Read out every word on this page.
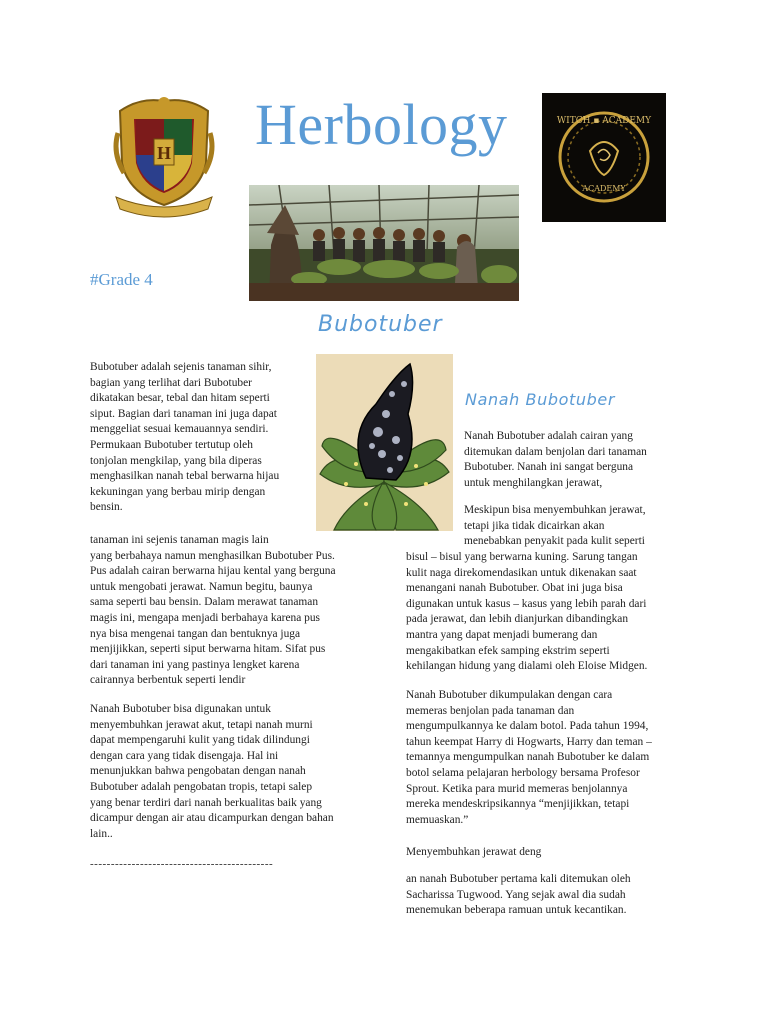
H Herbology	WITCH ▪ ACADEMY
ACADEMY
#Grade 4
Bubotuber
Nanah Bubotuber
Bubotuber adalah sejenis tanaman sihir,
bagian yang terlihat dari Bubotuber
dikatakan besar, tebal dan hitam seperti
siput. Bagian dari tanaman ini juga dapat
menggeliat sesuai kemauannya sendiri.
Permukaan Bubotuber tertutup oleh
tonjolan mengkilap, yang bila diperas
menghasilkan nanah tebal berwarna hijau
kekuningan yang berbau mirip dengan
bensin.
tanaman ini sejenis tanaman magis lain
yang berbahaya namun menghasilkan Bubotuber Pus.
Pus adalah cairan berwarna hijau kental yang berguna
untuk mengobati jerawat. Namun begitu, baunya
sama seperti bau bensin. Dalam merawat tanaman
magis ini, mengapa menjadi berbahaya karena pus
nya bisa mengenai tangan dan bentuknya juga
menjijikkan, seperti siput berwarna hitam. Sifat pus
dari tanaman ini yang pastinya lengket karena
cairannya berbentuk seperti lendir
Nanah Bubotuber bisa digunakan untuk
menyembuhkan jerawat akut, tetapi nanah murni
dapat mempengaruhi kulit yang tidak dilindungi
dengan cara yang tidak disengaja. Hal ini
menunjukkan bahwa pengobatan dengan nanah
Bubotuber adalah pengobatan tropis, tetapi salep
yang benar terdiri dari nanah berkualitas baik yang
dicampur dengan air atau dicampurkan dengan bahan
lain..
--------------------------------------------
Nanah Bubotuber adalah cairan yang
ditemukan dalam benjolan dari tanaman
Bubotuber. Nanah ini sangat berguna
untuk menghilangkan jerawat,
Meskipun bisa menyembuhkan jerawat,
tetapi jika tidak dicairkan akan
menebabkan penyakit pada kulit seperti
bisul – bisul yang berwarna kuning. Sarung tangan
kulit naga direkomendasikan untuk dikenakan saat
menangani nanah Bubotuber. Obat ini juga bisa
digunakan untuk kasus – kasus yang lebih parah dari
pada jerawat, dan lebih dianjurkan dibandingkan
mantra yang dapat menjadi bumerang dan
mengakibatkan efek samping ekstrim seperti
kehilangan hidung yang dialami oleh Eloise Midgen.
Nanah Bubotuber dikumpulakan dengan cara
memeras benjolan pada tanaman dan
mengumpulkannya ke dalam botol. Pada tahun 1994,
tahun keempat Harry di Hogwarts, Harry dan teman –
temannya mengumpulkan nanah Bubotuber ke dalam
botol selama pelajaran herbology bersama Profesor
Sprout. Ketika para murid memeras benjolannya
mereka mendeskripsikannya “menjijikkan, tetapi
memuaskan.”
Menyembuhkan jerawat deng
an nanah Bubotuber pertama kali ditemukan oleh
Sacharissa Tugwood. Yang sejak awal dia sudah
menemukan beberapa ramuan untuk kecantikan.
